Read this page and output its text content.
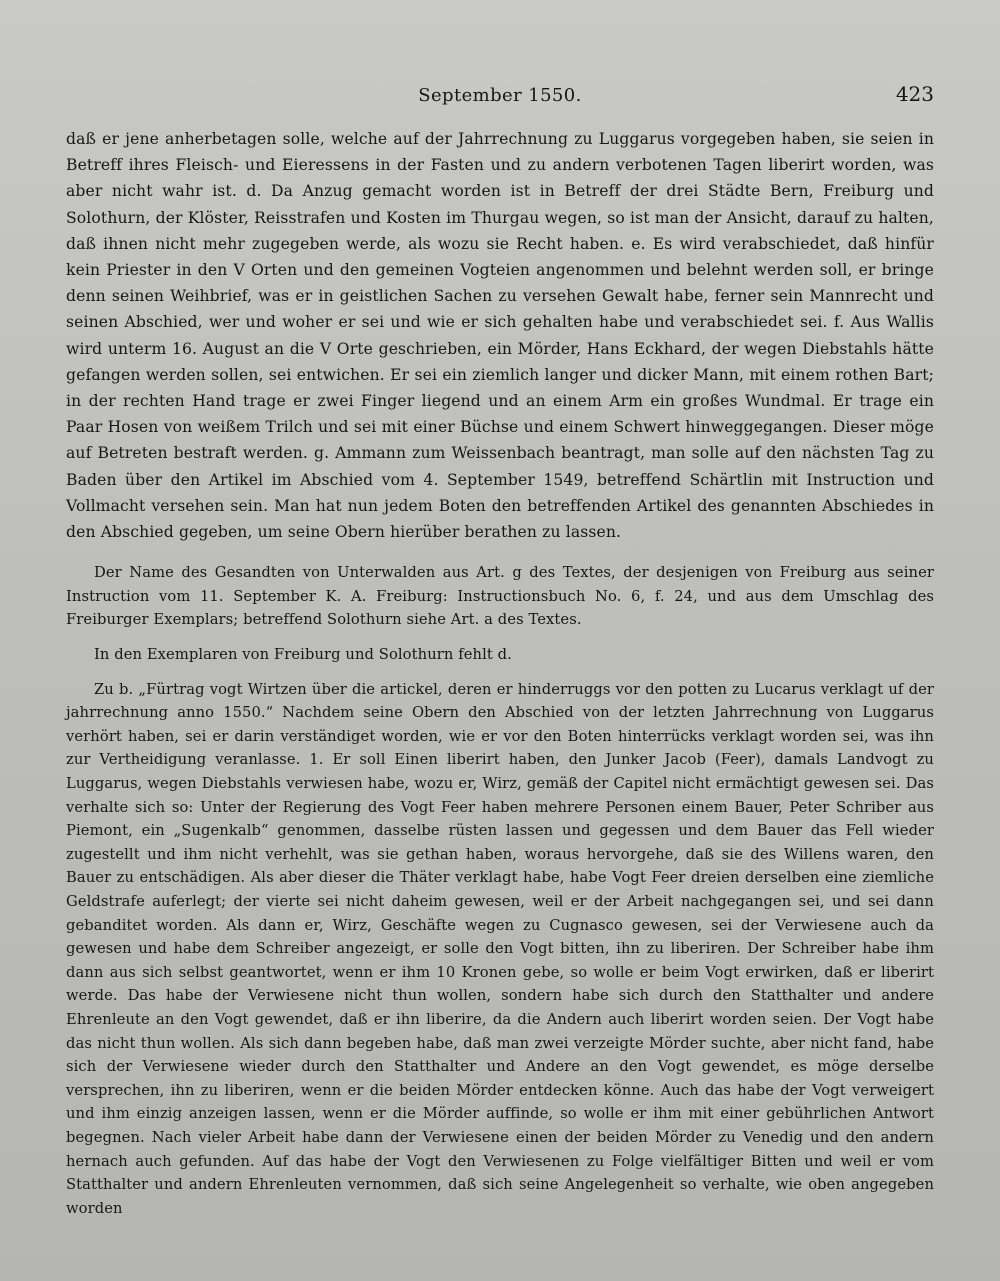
September 1550.	423

daß er jene anherbetagen solle, welche auf der Jahrrechnung zu Luggarus vorgegeben haben, sie seien in Betreff ihres Fleisch- und Eieressens in der Fasten und zu andern verbotenen Tagen liberirt worden, was aber nicht wahr ist. d. Da Anzug gemacht worden ist in Betreff der drei Städte Bern, Freiburg und Solothurn, der Klöster, Reisstrafen und Kosten im Thurgau wegen, so ist man der Ansicht, darauf zu halten, daß ihnen nicht mehr zugegeben werde, als wozu sie Recht haben. e. Es wird verabschiedet, daß hinfür kein Priester in den V Orten und den gemeinen Vogteien angenommen und belehnt werden soll, er bringe denn seinen Weihbrief, was er in geistlichen Sachen zu versehen Gewalt habe, ferner sein Mannrecht und seinen Abschied, wer und woher er sei und wie er sich gehalten habe und verabschiedet sei. f. Aus Wallis wird unterm 16. August an die V Orte geschrieben, ein Mörder, Hans Eckhard, der wegen Diebstahls hätte gefangen werden sollen, sei entwichen. Er sei ein ziemlich langer und dicker Mann, mit einem rothen Bart; in der rechten Hand trage er zwei Finger liegend und an einem Arm ein großes Wundmal. Er trage ein Paar Hosen von weißem Trilch und sei mit einer Büchse und einem Schwert hinweggegangen. Dieser möge auf Betreten bestraft werden. g. Ammann zum Weissenbach beantragt, man solle auf den nächsten Tag zu Baden über den Artikel im Abschied vom 4. September 1549, betreffend Schärtlin mit Instruction und Vollmacht versehen sein. Man hat nun jedem Boten den betreffenden Artikel des genannten Abschiedes in den Abschied gegeben, um seine Obern hierüber berathen zu lassen.

Der Name des Gesandten von Unterwalden aus Art. g des Textes, der desjenigen von Freiburg aus seiner Instruction vom 11. September K. A. Freiburg: Instructionsbuch No. 6, f. 24, und aus dem Umschlag des Freiburger Exemplars; betreffend Solothurn siehe Art. a des Textes.

In den Exemplaren von Freiburg und Solothurn fehlt d.

Zu b. „Fürtrag vogt Wirtzen über die artickel, deren er hinderruggs vor den potten zu Lucarus verklagt uf der jahrrechnung anno 1550.“ Nachdem seine Obern den Abschied von der letzten Jahrrechnung von Luggarus verhört haben, sei er darin verständiget worden, wie er vor den Boten hinterrücks verklagt worden sei, was ihn zur Vertheidigung veranlasse. 1. Er soll Einen liberirt haben, den Junker Jacob (Feer), damals Landvogt zu Luggarus, wegen Diebstahls verwiesen habe, wozu er, Wirz, gemäß der Capitel nicht ermächtigt gewesen sei. Das verhalte sich so: Unter der Regierung des Vogt Feer haben mehrere Personen einem Bauer, Peter Schriber aus Piemont, ein „Sugenkalb“ genommen, dasselbe rüsten lassen und gegessen und dem Bauer das Fell wieder zugestellt und ihm nicht verhehlt, was sie gethan haben, woraus hervorgehe, daß sie des Willens waren, den Bauer zu entschädigen. Als aber dieser die Thäter verklagt habe, habe Vogt Feer dreien derselben eine ziemliche Geldstrafe auferlegt; der vierte sei nicht daheim gewesen, weil er der Arbeit nachgegangen sei, und sei dann gebanditet worden. Als dann er, Wirz, Geschäfte wegen zu Cugnasco gewesen, sei der Verwiesene auch da gewesen und habe dem Schreiber angezeigt, er solle den Vogt bitten, ihn zu liberiren. Der Schreiber habe ihm dann aus sich selbst geantwortet, wenn er ihm 10 Kronen gebe, so wolle er beim Vogt erwirken, daß er liberirt werde. Das habe der Verwiesene nicht thun wollen, sondern habe sich durch den Statthalter und andere Ehrenleute an den Vogt gewendet, daß er ihn liberire, da die Andern auch liberirt worden seien. Der Vogt habe das nicht thun wollen. Als sich dann begeben habe, daß man zwei verzeigte Mörder suchte, aber nicht fand, habe sich der Verwiesene wieder durch den Statthalter und Andere an den Vogt gewendet, es möge derselbe versprechen, ihn zu liberiren, wenn er die beiden Mörder entdecken könne. Auch das habe der Vogt verweigert und ihm einzig anzeigen lassen, wenn er die Mörder auffinde, so wolle er ihm mit einer gebührlichen Antwort begegnen. Nach vieler Arbeit habe dann der Verwiesene einen der beiden Mörder zu Venedig und den andern hernach auch gefunden. Auf das habe der Vogt den Verwiesenen zu Folge vielfältiger Bitten und weil er vom Statthalter und andern Ehrenleuten vernommen, daß sich seine Angelegenheit so verhalte, wie oben angegeben worden
